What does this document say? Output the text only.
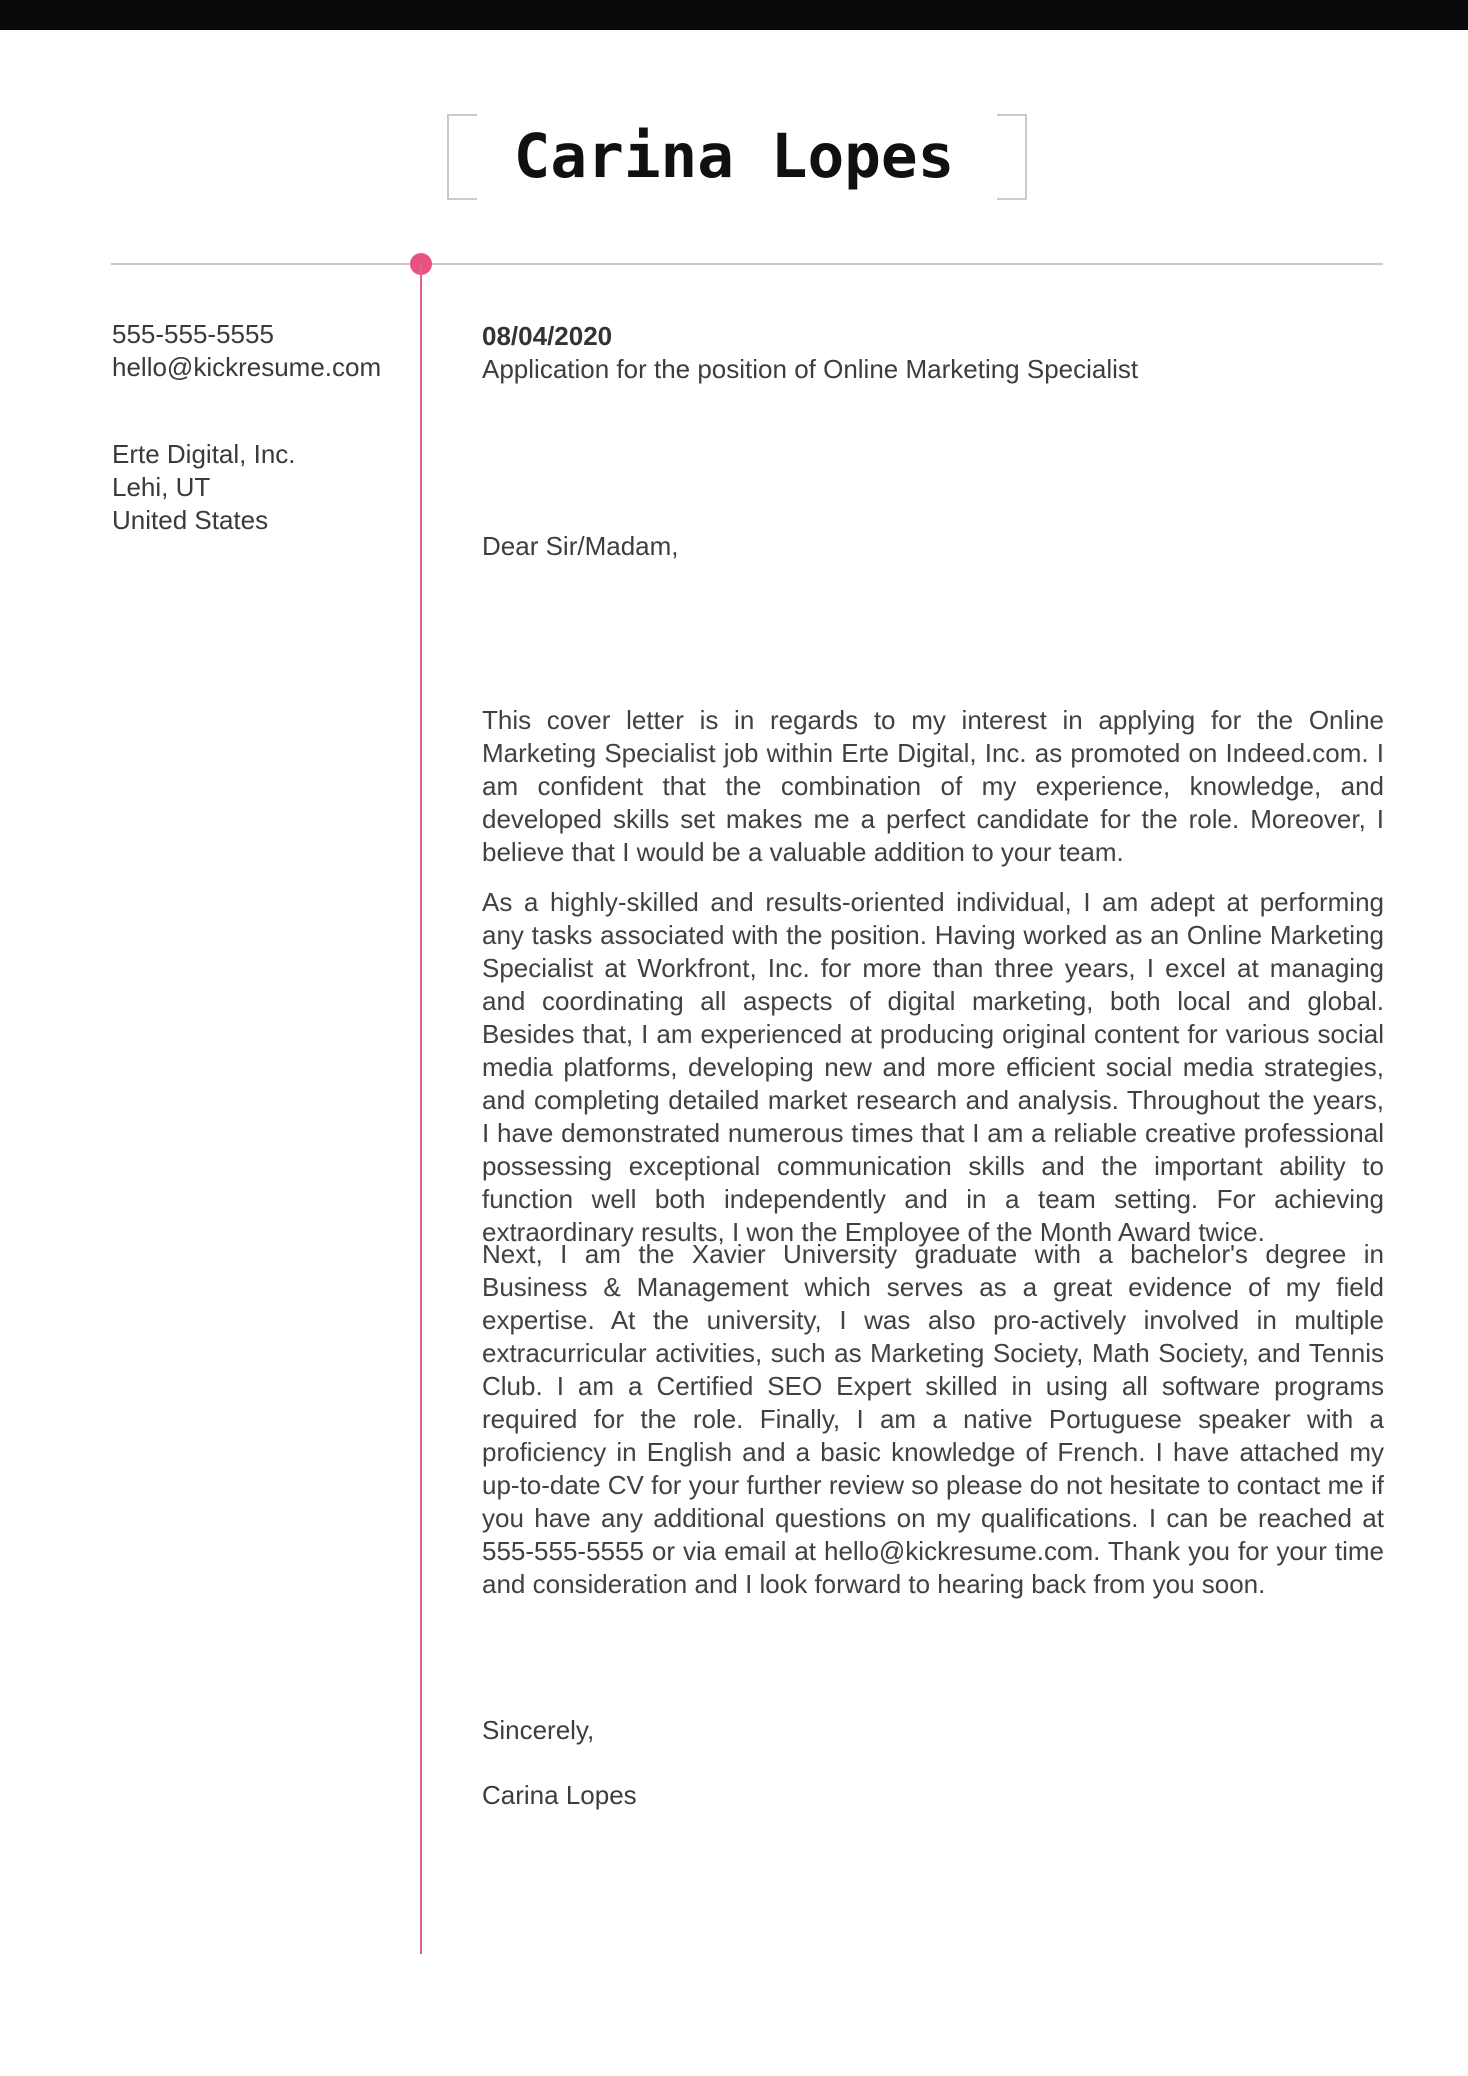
Carina Lopes
555-555-5555
hello@kickresume.com
Erte Digital, Inc.
Lehi, UT
United States
08/04/2020
Application for the position of Online Marketing Specialist
Dear Sir/Madam,
This cover letter is in regards to my interest in applying for the Online Marketing Specialist job within Erte Digital, Inc. as promoted on Indeed.com. I am confident that the combination of my experience, knowledge, and developed skills set makes me a perfect candidate for the role. Moreover, I believe that I would be a valuable addition to your team.
As a highly-skilled and results-oriented individual, I am adept at performing any tasks associated with the position. Having worked as an Online Marketing Specialist at Workfront, Inc. for more than three years, I excel at managing and coordinating all aspects of digital marketing, both local and global. Besides that, I am experienced at producing original content for various social media platforms, developing new and more efficient social media strategies, and completing detailed market research and analysis. Throughout the years, I have demonstrated numerous times that I am a reliable creative professional possessing exceptional communication skills and the important ability to function well both independently and in a team setting. For achieving extraordinary results, I won the Employee of the Month Award twice.
Next, I am the Xavier University graduate with a bachelor's degree in Business & Management which serves as a great evidence of my field expertise. At the university, I was also pro-actively involved in multiple extracurricular activities, such as Marketing Society, Math Society, and Tennis Club. I am a Certified SEO Expert skilled in using all software programs required for the role. Finally, I am a native Portuguese speaker with a proficiency in English and a basic knowledge of French. I have attached my up-to-date CV for your further review so please do not hesitate to contact me if you have any additional questions on my qualifications. I can be reached at 555-555-5555 or via email at hello@kickresume.com. Thank you for your time and consideration and I look forward to hearing back from you soon.
Sincerely,
Carina Lopes
